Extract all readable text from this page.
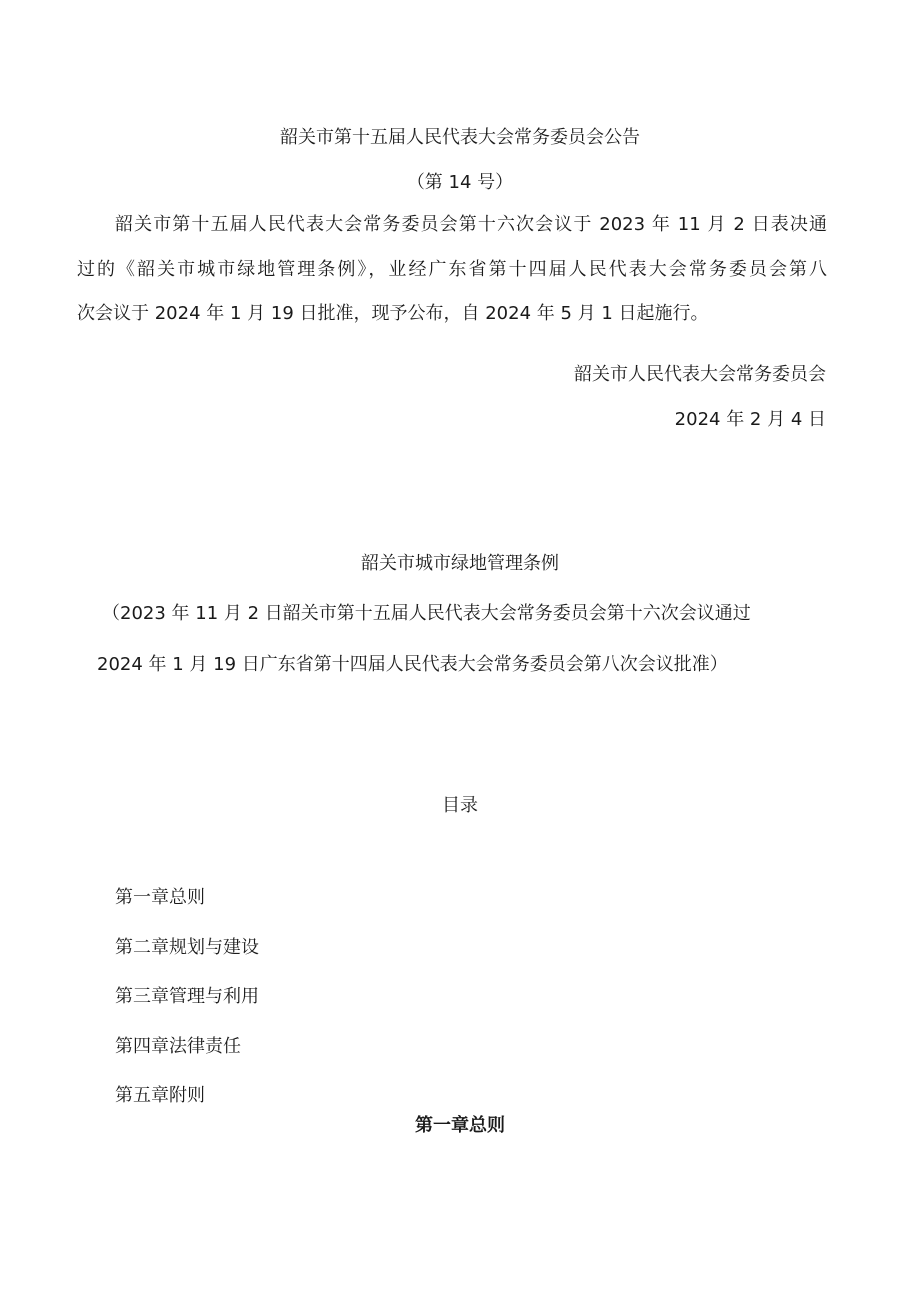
韶关市第十五届人民代表大会常务委员会公告

（第 14 号）

韶关市第十五届人民代表大会常务委员会第十六次会议于 2023 年 11 月 2 日表决通

过的《韶关市城市绿地管理条例》，业经广东省第十四届人民代表大会常务委员会第八

次会议于 2024 年 1 月 19 日批准，现予公布，自 2024 年 5 月 1 日起施行。

韶关市人民代表大会常务委员会

2024 年 2 月 4 日

韶关市城市绿地管理条例

（2023 年 11 月 2 日韶关市第十五届人民代表大会常务委员会第十六次会议通过

2024 年 1 月 19 日广东省第十四届人民代表大会常务委员会第八次会议批准）

目录

第一章总则

第二章规划与建设

第三章管理与利用

第四章法律责任

第五章附则

第一章总则
